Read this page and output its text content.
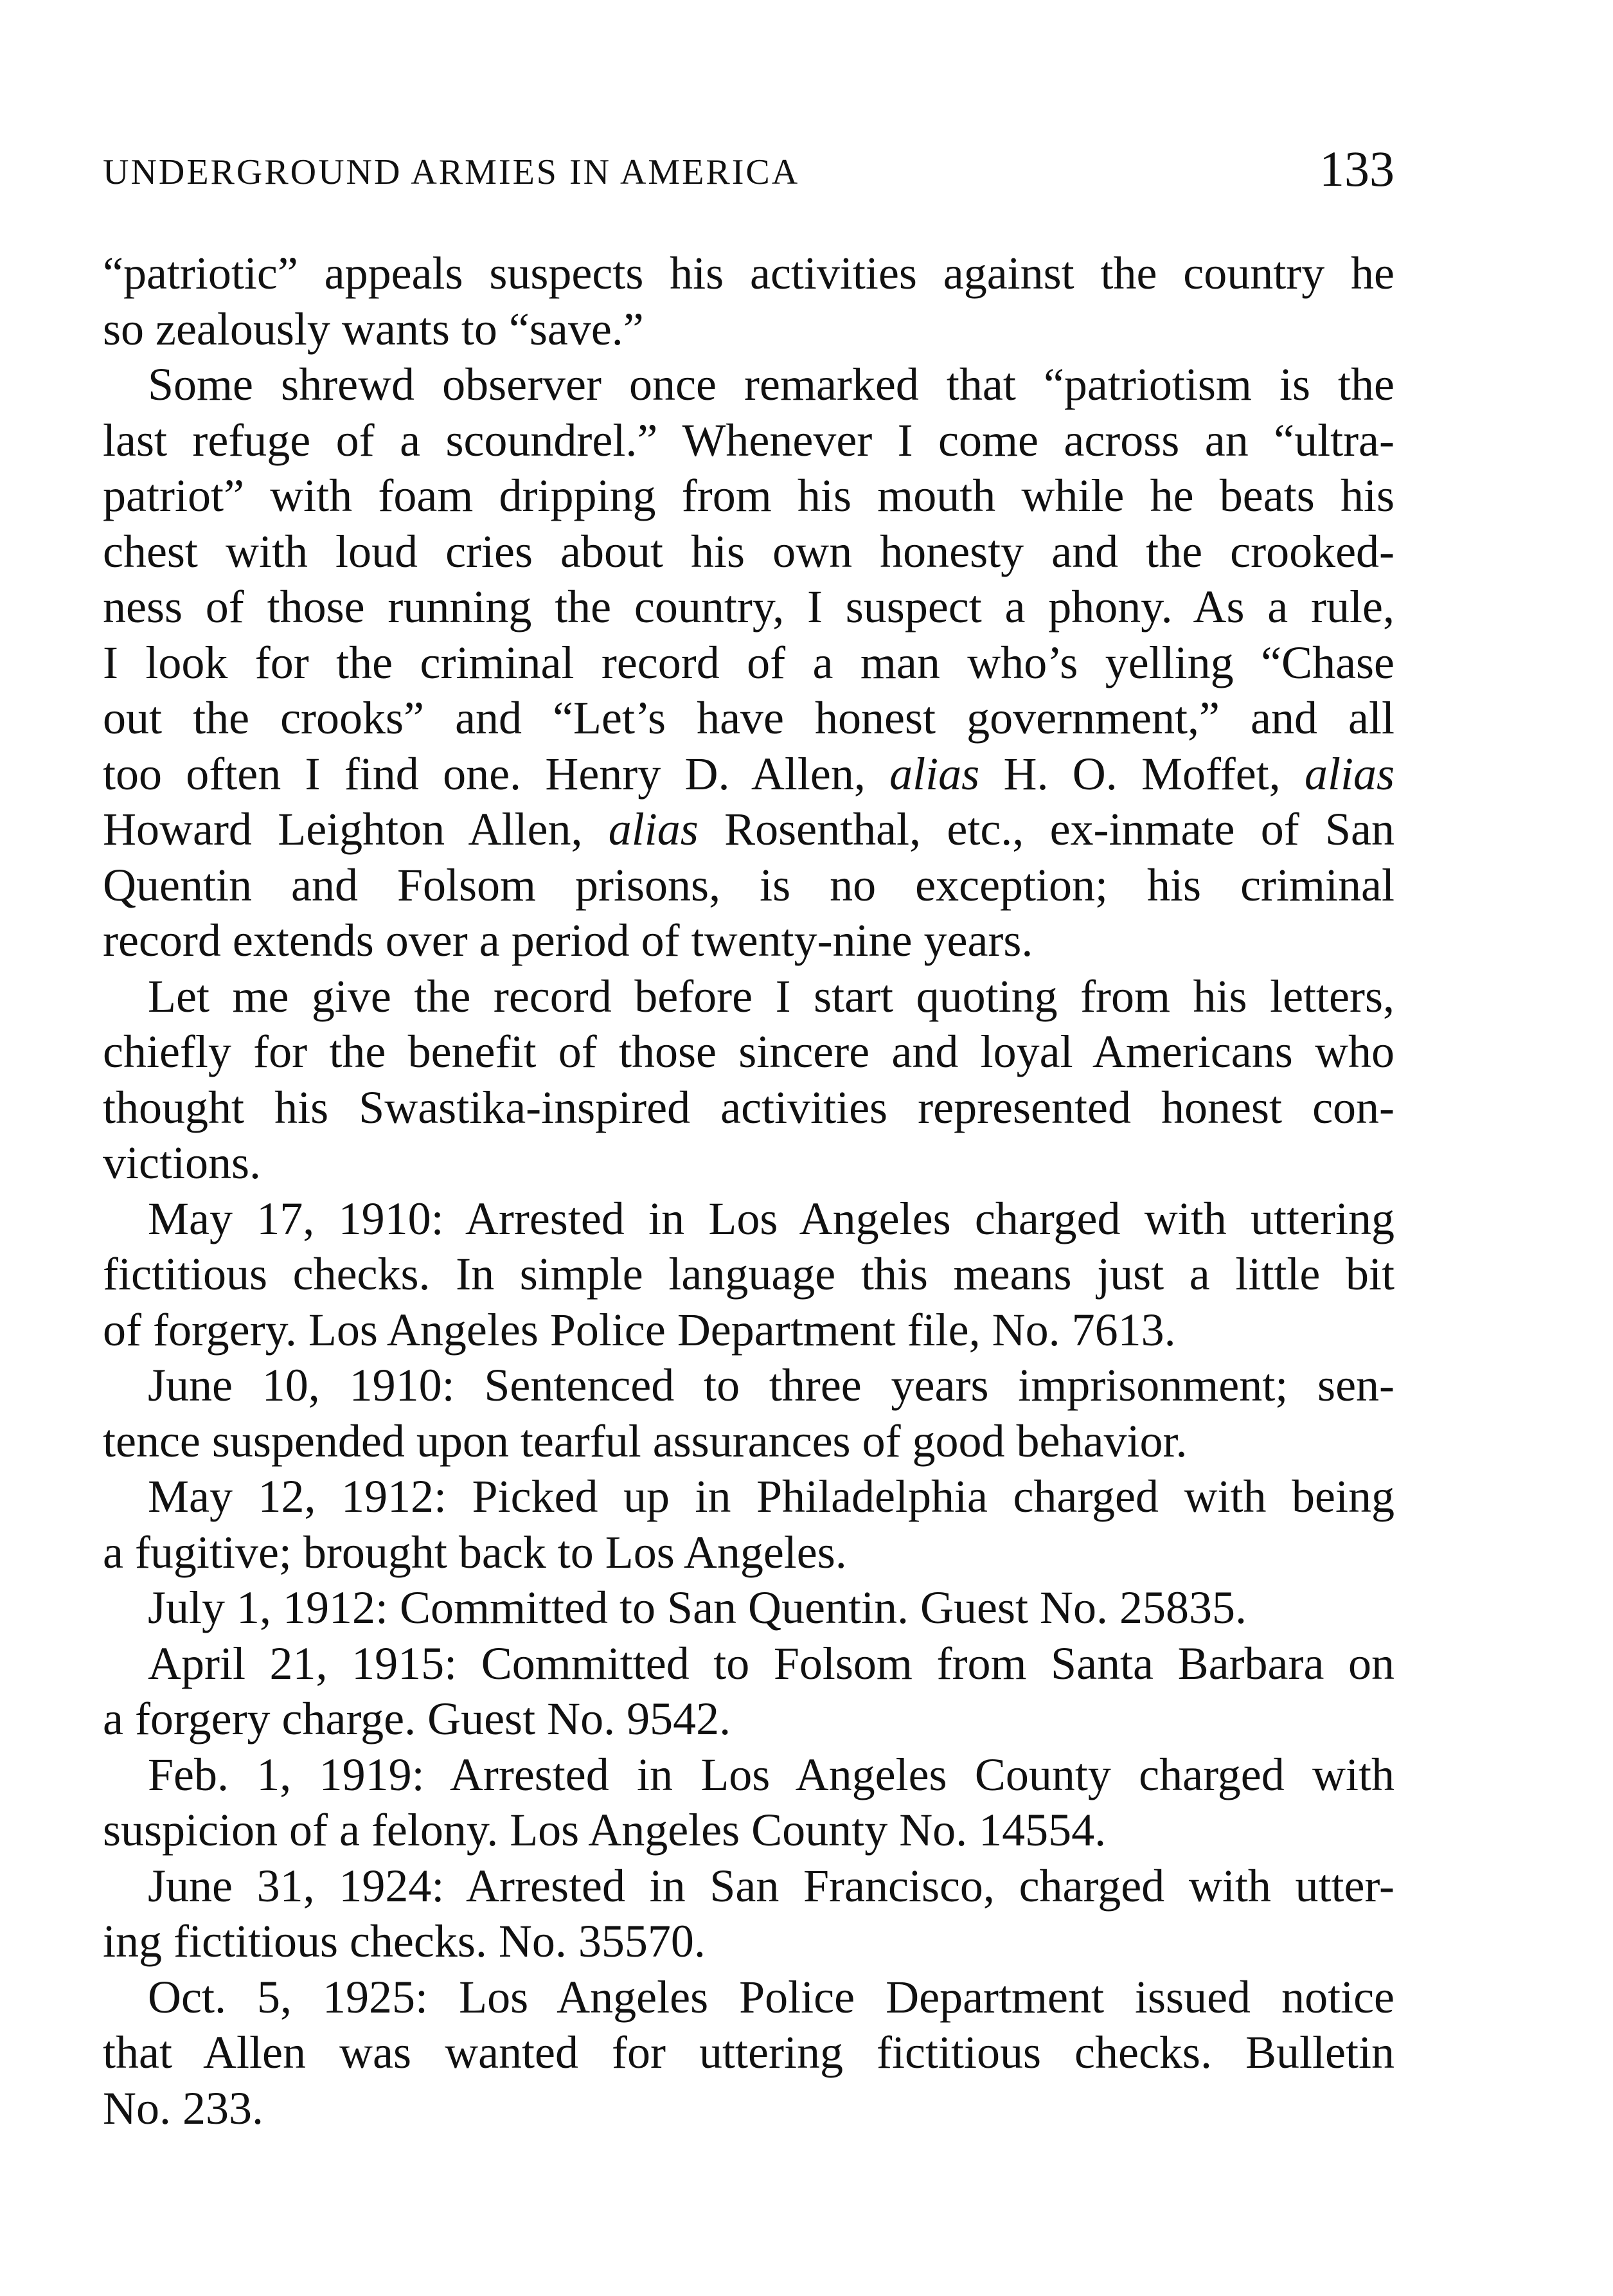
UNDERGROUND ARMIES IN AMERICA	133
“patriotic” appeals suspects his activities against the country he
so zealously wants to “save.”
Some shrewd observer once remarked that “patriotism is the
last refuge of a scoundrel.” Whenever I come across an “ultra-
patriot” with foam dripping from his mouth while he beats his
chest with loud cries about his own honesty and the crooked-
ness of those running the country, I suspect a phony. As a rule,
I look for the criminal record of a man who’s yelling “Chase
out the crooks” and “Let’s have honest government,” and all
too often I find one. Henry D. Allen, alias H. O. Moffet, alias
Howard Leighton Allen, alias Rosenthal, etc., ex-inmate of San
Quentin and Folsom prisons, is no exception; his criminal
record extends over a period of twenty-nine years.
Let me give the record before I start quoting from his letters,
chiefly for the benefit of those sincere and loyal Americans who
thought his Swastika-inspired activities represented honest con-
victions.
May 17, 1910: Arrested in Los Angeles charged with uttering
fictitious checks. In simple language this means just a little bit
of forgery. Los Angeles Police Department file, No. 7613.
June 10, 1910: Sentenced to three years imprisonment; sen-
tence suspended upon tearful assurances of good behavior.
May 12, 1912: Picked up in Philadelphia charged with being
a fugitive; brought back to Los Angeles.
July 1, 1912: Committed to San Quentin. Guest No. 25835.
April 21, 1915: Committed to Folsom from Santa Barbara on
a forgery charge. Guest No. 9542.
Feb. 1, 1919: Arrested in Los Angeles County charged with
suspicion of a felony. Los Angeles County No. 14554.
June 31, 1924: Arrested in San Francisco, charged with utter-
ing fictitious checks. No. 35570.
Oct. 5, 1925: Los Angeles Police Department issued notice
that Allen was wanted for uttering fictitious checks. Bulletin
No. 233.
